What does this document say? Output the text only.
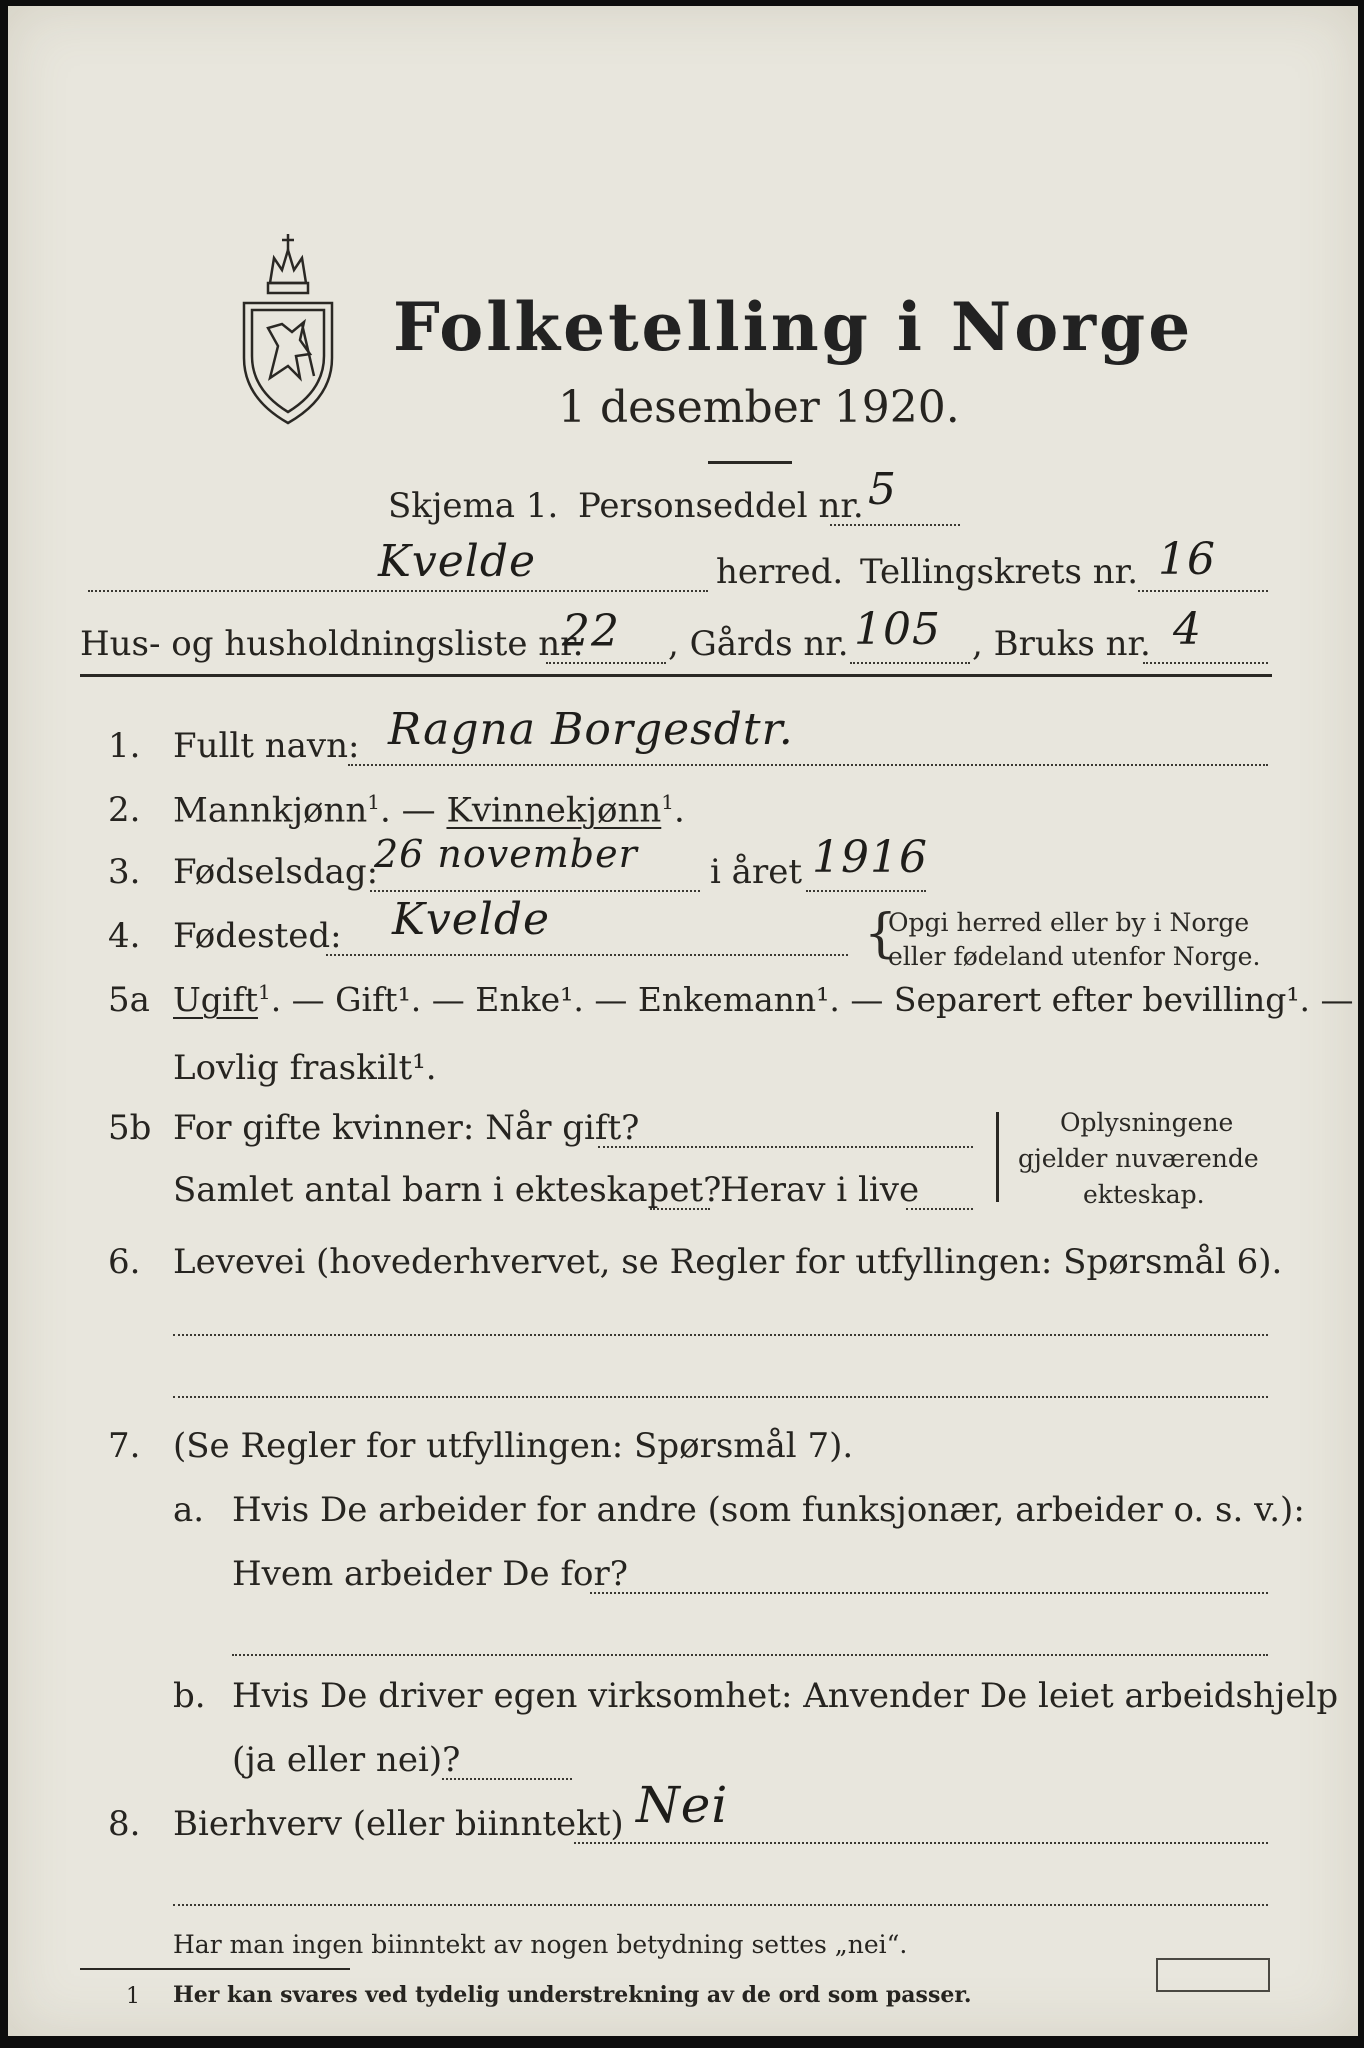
Folketelling i Norge
1 desember 1920.
Skjema 1. Personseddel nr. 5
Kvelde	herred. Tellingskrets nr. 16
Hus- og husholdningsliste nr.
22 , Gårds nr. 105 , Bruks nr. 4
1. Fullt navn: Ragna Borgesdtr.
2. Mannkjønn$^1$. — Kvinnekjønn$^1$.
3. Fødselsdag:
26 november i året 1916
4. Fødested: Kvelde	{
Opgi herred eller by i Norge
eller fødeland utenfor Norge.
5a Ugift$^1$. — Gift¹. — Enke¹. — Enkemann¹. — Separert efter bevilling¹. —
Lovlig fraskilt¹.
5b For gifte kvinner: Når gift?
Samlet antal barn i ekteskapet?
Herav i live
Oplysningene
gjelder nuværende
ekteskap.
6. Levevei (hovederhvervet, se Regler for utfyllingen: Spørsmål 6).
7. (Se Regler for utfyllingen: Spørsmål 7).
a. Hvis De arbeider for andre (som funksjonær, arbeider o. s. v.):
Hvem arbeider De for?
b. Hvis De driver egen virksomhet: Anvender De leiet arbeidshjelp
(ja eller nei)?
8. Bierhverv (eller biinntekt) Nei
Har man ingen biinntekt av nogen betydning settes „nei“.
1 Her kan svares ved tydelig understrekning av de ord som passer.
